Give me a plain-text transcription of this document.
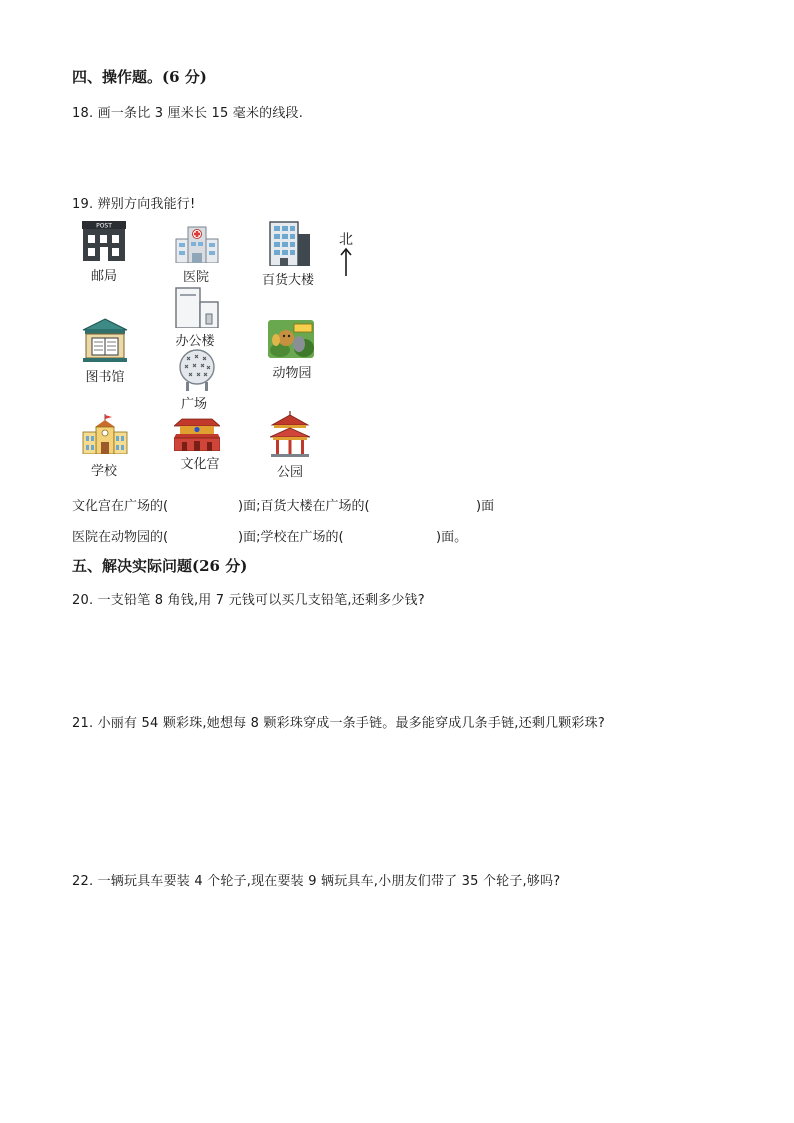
四、操作题。(6 分)
18. 画一条比 3 厘米长 15 毫米的线段.
19. 辨别方向我能行!
POST
邮局	医院	百货大楼
北
办公楼
图书馆	动物园
广场
学校	文化宫
公园
文化宫在广场的(	)面;百货大楼在广场的(	)面
医院在动物园的(	)面;学校在广场的(	)面。
五、解决实际问题(26 分)
20. 一支铅笔 8 角钱,用 7 元钱可以买几支铅笔,还剩多少钱?
21. 小丽有 54 颗彩珠,她想每 8 颗彩珠穿成一条手链。最多能穿成几条手链,还剩几颗彩珠?
22. 一辆玩具车要装 4 个轮子,现在要装 9 辆玩具车,小朋友们带了 35 个轮子,够吗?
